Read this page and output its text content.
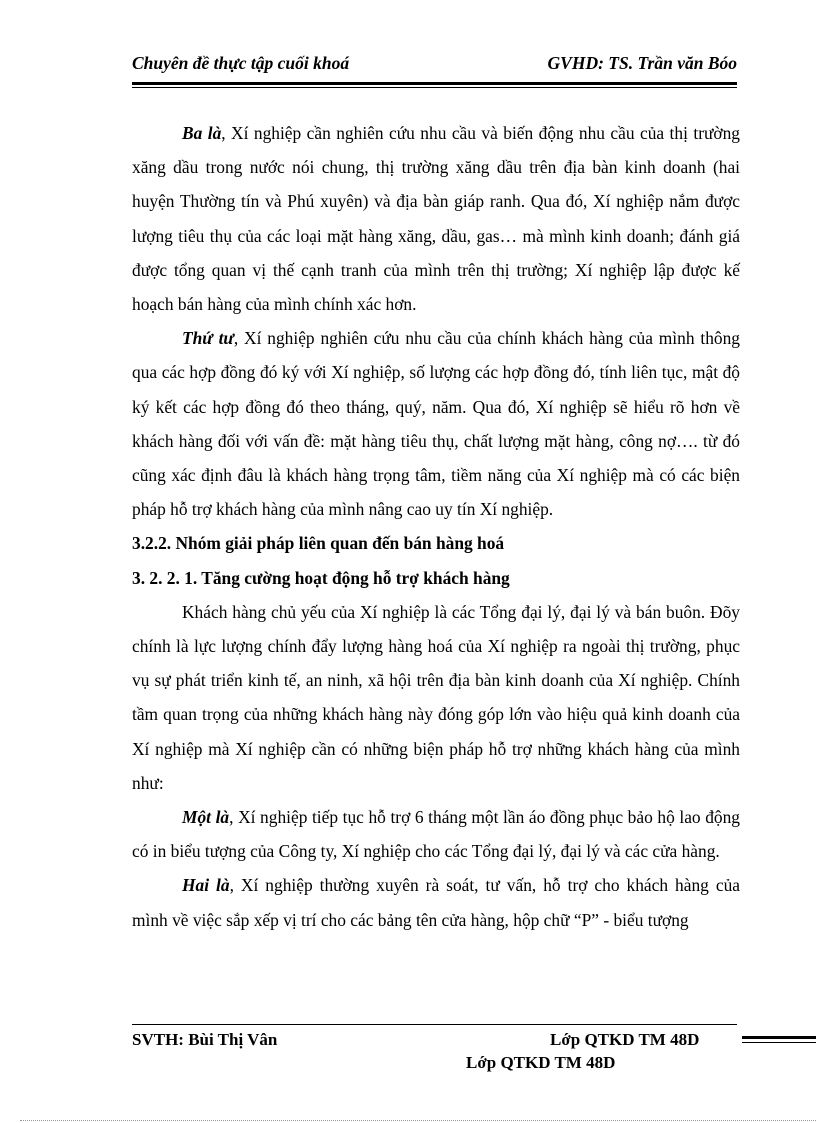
Chuyên đề thực tập cuối khoá	GVHD: TS. Trần văn Bóo

Ba là, Xí nghiệp cần nghiên cứu nhu cầu và biến động nhu cầu của thị trường xăng dầu trong nước nói chung, thị trường xăng dầu trên địa bàn kinh doanh (hai huyện Thường tín và Phú xuyên) và địa bàn giáp ranh. Qua đó, Xí nghiệp nắm được lượng tiêu thụ của các loại mặt hàng xăng, dầu, gas… mà mình kinh doanh; đánh giá được tổng quan vị thế cạnh tranh của mình trên thị trường; Xí nghiệp lập được kế hoạch bán hàng của mình chính xác hơn.

Thứ tư, Xí nghiệp nghiên cứu nhu cầu của chính khách hàng của mình thông qua các hợp đồng đó ký với Xí nghiệp, số lượng các hợp đồng đó, tính liên tục, mật độ ký kết các hợp đồng đó theo tháng, quý, năm. Qua đó, Xí nghiệp sẽ hiểu rõ hơn về khách hàng đối với vấn đề: mặt hàng tiêu thụ, chất lượng mặt hàng, công nợ…. từ đó cũng xác định đâu là khách hàng trọng tâm, tiềm năng của Xí nghiệp mà có các biện pháp hỗ trợ khách hàng của mình nâng cao uy tín Xí nghiệp.

3.2.2. Nhóm giải pháp liên quan đến bán hàng hoá

3. 2. 2. 1. Tăng cường hoạt động hỗ trợ khách hàng

Khách hàng chủ yếu của Xí nghiệp là các Tổng đại lý, đại lý và bán buôn. Đõy chính là lực lượng chính đẩy lượng hàng hoá của Xí nghiệp ra ngoài thị trường, phục vụ sự phát triển kinh tế, an ninh, xã hội trên địa bàn kinh doanh của Xí nghiệp. Chính tầm quan trọng của những khách hàng này đóng góp lớn vào hiệu quả kinh doanh của Xí nghiệp mà Xí nghiệp cần có những biện pháp hỗ trợ những khách hàng của mình như:

Một là, Xí nghiệp tiếp tục hỗ trợ 6 tháng một lần áo đồng phục bảo hộ lao động có in biểu tượng của Công ty, Xí nghiệp cho các Tổng đại lý, đại lý và các cửa hàng.

Hai là, Xí nghiệp thường xuyên rà soát, tư vấn, hỗ trợ cho khách hàng của mình về việc sắp xếp vị trí cho các bảng tên cửa hàng, hộp chữ “P” - biểu tượng

SVTH: Bùi Thị Vân	Lớp QTKD TM 48D
Lớp QTKD TM 48D
